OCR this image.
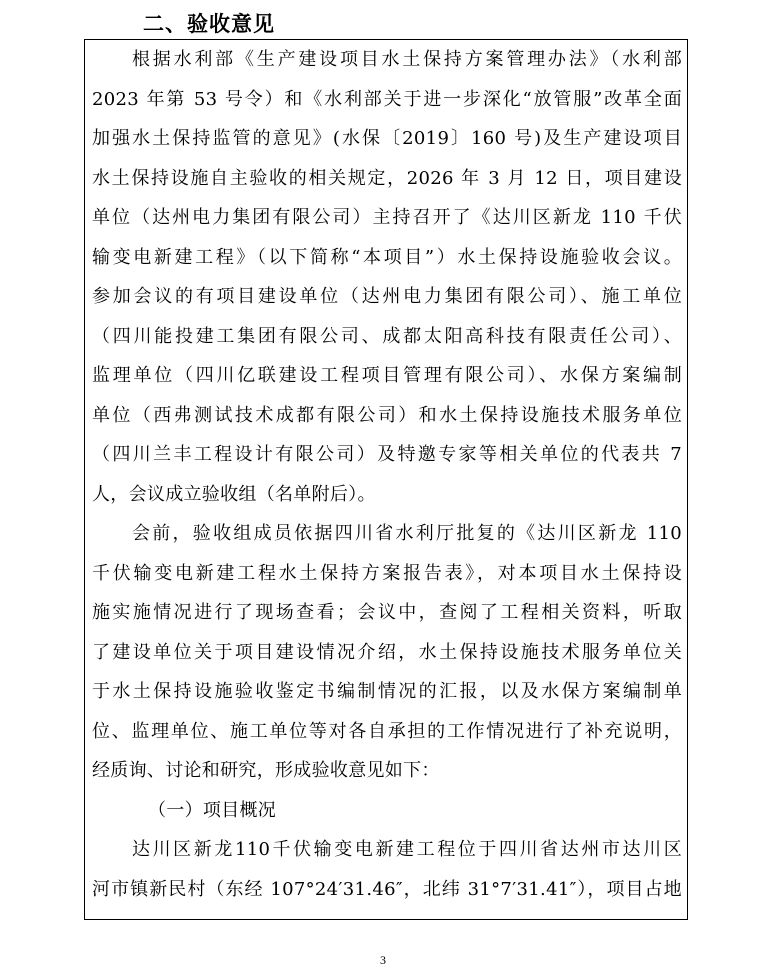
二、验收意见
根据水利部《生产建设项目水土保持方案管理办法》（水利部
2023 年第 53 号令）和《水利部关于进一步深化“放管服”改革全面
加强水土保持监管的意见》(水保〔2019〕160 号)及生产建设项目
水土保持设施自主验收的相关规定，2026 年 3 月 12 日，项目建设
单位（达州电力集团有限公司）主持召开了《达川区新龙 110 千伏
输变电新建工程》（以下简称“本项目”）水土保持设施验收会议。
参加会议的有项目建设单位（达州电力集团有限公司）、施工单位
（四川能投建工集团有限公司、成都太阳高科技有限责任公司）、
监理单位（四川亿联建设工程项目管理有限公司）、水保方案编制
单位（西弗测试技术成都有限公司）和水土保持设施技术服务单位
（四川兰丰工程设计有限公司）及特邀专家等相关单位的代表共 7
人，会议成立验收组（名单附后）。
会前，验收组成员依据四川省水利厅批复的《达川区新龙 110
千伏输变电新建工程水土保持方案报告表》，对本项目水土保持设
施实施情况进行了现场查看；会议中，查阅了工程相关资料，听取
了建设单位关于项目建设情况介绍，水土保持设施技术服务单位关
于水土保持设施验收鉴定书编制情况的汇报，以及水保方案编制单
位、监理单位、施工单位等对各自承担的工作情况进行了补充说明，
经质询、讨论和研究，形成验收意见如下：
（一）项目概况
达川区新龙110千伏输变电新建工程位于四川省达州市达川区
河市镇新民村（东经 107°24′31.46″，北纬 31°7′31.41″），项目占地
3
